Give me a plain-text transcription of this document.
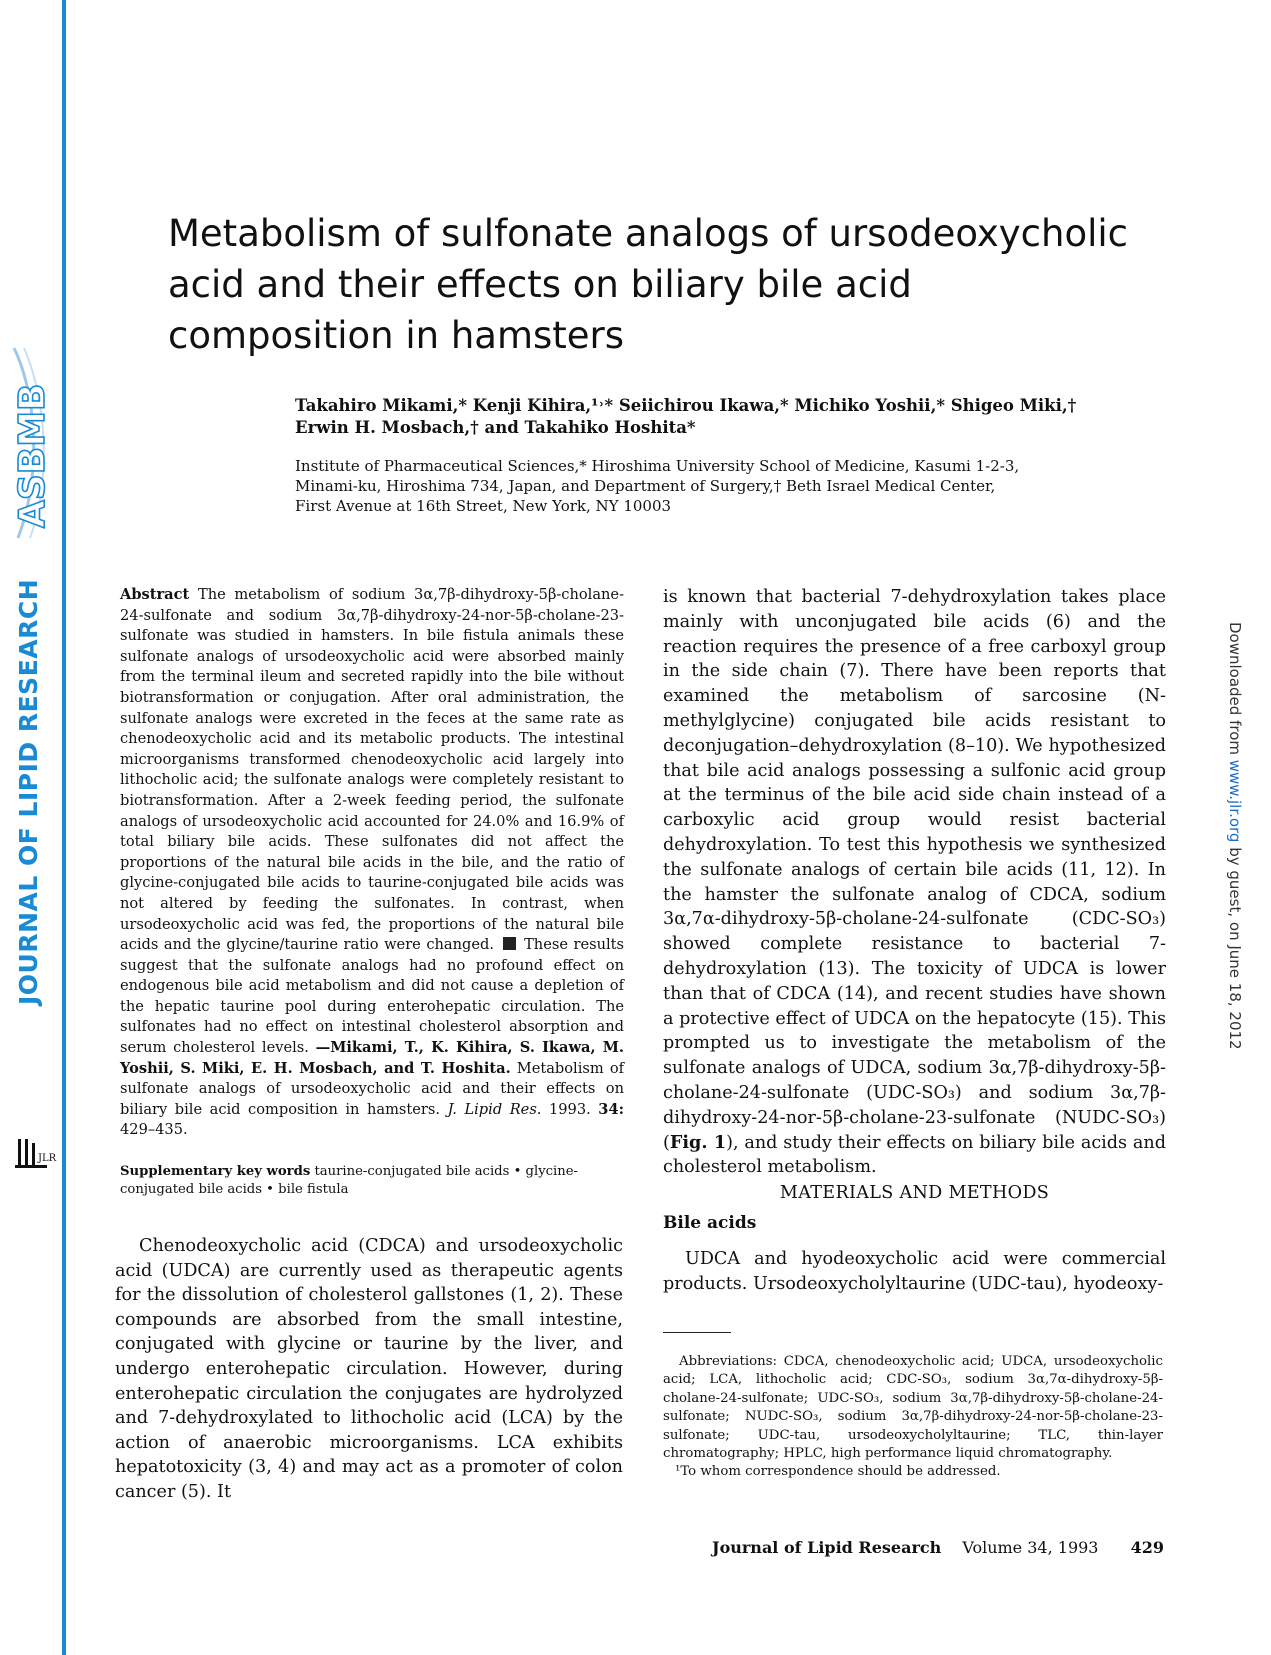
ASBMB
JOURNAL OF LIPID RESEARCH
JLR
Downloaded from www.jlr.org by guest, on June 18, 2012
Metabolism of sulfonate analogs of ursodeoxycholic
acid and their effects on biliary bile acid
composition in hamsters
Takahiro Mikami,* Kenji Kihira,¹˒* Seiichirou Ikawa,* Michiko Yoshii,* Shigeo Miki,†
Erwin H. Mosbach,† and Takahiko Hoshita*
Institute of Pharmaceutical Sciences,* Hiroshima University School of Medicine, Kasumi 1-2-3,
Minami-ku, Hiroshima 734, Japan, and Department of Surgery,† Beth Israel Medical Center,
First Avenue at 16th Street, New York, NY 10003
Abstract The metabolism of sodium 3α,7β-dihydroxy-5β-cholane-24-sulfonate and sodium 3α,7β-dihydroxy-24-nor-5β-cholane-23-sulfonate was studied in hamsters. In bile fistula animals these sulfonate analogs of ursodeoxycholic acid were absorbed mainly from the terminal ileum and secreted rapidly into the bile without biotransformation or conjugation. After oral administration, the sulfonate analogs were excreted in the feces at the same rate as chenodeoxycholic acid and its metabolic products. The intestinal microorganisms transformed chenodeoxycholic acid largely into lithocholic acid; the sulfonate analogs were completely resistant to biotransformation. After a 2-week feeding period, the sulfonate analogs of ursodeoxycholic acid accounted for 24.0% and 16.9% of total biliary bile acids. These sulfonates did not affect the proportions of the natural bile acids in the bile, and the ratio of glycine-conjugated bile acids to taurine-conjugated bile acids was not altered by feeding the sulfonates. In contrast, when ursodeoxycholic acid was fed, the proportions of the natural bile acids and the glycine/taurine ratio were changed. These results suggest that the sulfonate analogs had no profound effect on endogenous bile acid metabolism and did not cause a depletion of the hepatic taurine pool during enterohepatic circulation. The sulfonates had no effect on intestinal cholesterol absorption and serum cholesterol levels. —Mikami, T., K. Kihira, S. Ikawa, M. Yoshii, S. Miki, E. H. Mosbach, and T. Hoshita. Metabolism of sulfonate analogs of ursodeoxycholic acid and their effects on biliary bile acid composition in hamsters. J. Lipid Res. 1993. 34: 429–435.
Supplementary key words taurine-conjugated bile acids • glycine-conjugated bile acids • bile fistula

Chenodeoxycholic acid (CDCA) and ursodeoxycholic acid (UDCA) are currently used as therapeutic agents for the dissolution of cholesterol gallstones (1, 2). These compounds are absorbed from the small intestine, conjugated with glycine or taurine by the liver, and undergo enterohepatic circulation. However, during enterohepatic circulation the conjugates are hydrolyzed and 7-dehydroxylated to lithocholic acid (LCA) by the action of anaerobic microorganisms. LCA exhibits hepatotoxicity (3, 4) and may act as a promoter of colon cancer (5). It

is known that bacterial 7-dehydroxylation takes place mainly with unconjugated bile acids (6) and the reaction requires the presence of a free carboxyl group in the side chain (7). There have been reports that examined the metabolism of sarcosine (N-methylglycine) conjugated bile acids resistant to deconjugation–dehydroxylation (8–10). We hypothesized that bile acid analogs possessing a sulfonic acid group at the terminus of the bile acid side chain instead of a carboxylic acid group would resist bacterial dehydroxylation. To test this hypothesis we synthesized the sulfonate analogs of certain bile acids (11, 12). In the hamster the sulfonate analog of CDCA, sodium 3α,7α-dihydroxy-5β-cholane-24-sulfonate (CDC-SO₃) showed complete resistance to bacterial 7-dehydroxylation (13). The toxicity of UDCA is lower than that of CDCA (14), and recent studies have shown a protective effect of UDCA on the hepatocyte (15). This prompted us to investigate the metabolism of the sulfonate analogs of UDCA, sodium 3α,7β-dihydroxy-5β-cholane-24-sulfonate (UDC-SO₃) and sodium 3α,7β-dihydroxy-24-nor-5β-cholane-23-sulfonate (NUDC-SO₃) (Fig. 1), and study their effects on biliary bile acids and cholesterol metabolism.

MATERIALS AND METHODS
Bile acids

UDCA and hyodeoxycholic acid were commercial products. Ursodeoxycholyltaurine (UDC-tau), hyodeoxy-

Abbreviations: CDCA, chenodeoxycholic acid; UDCA, ursodeoxycholic acid; LCA, lithocholic acid; CDC-SO₃, sodium 3α,7α-dihydroxy-5β-cholane-24-sulfonate; UDC-SO₃, sodium 3α,7β-dihydroxy-5β-cholane-24-sulfonate; NUDC-SO₃, sodium 3α,7β-dihydroxy-24-nor-5β-cholane-23-sulfonate; UDC-tau, ursodeoxycholyltaurine; TLC, thin-layer chromatography; HPLC, high performance liquid chromatography.
¹To whom correspondence should be addressed.
Journal of Lipid Research Volume 34, 1993 429
